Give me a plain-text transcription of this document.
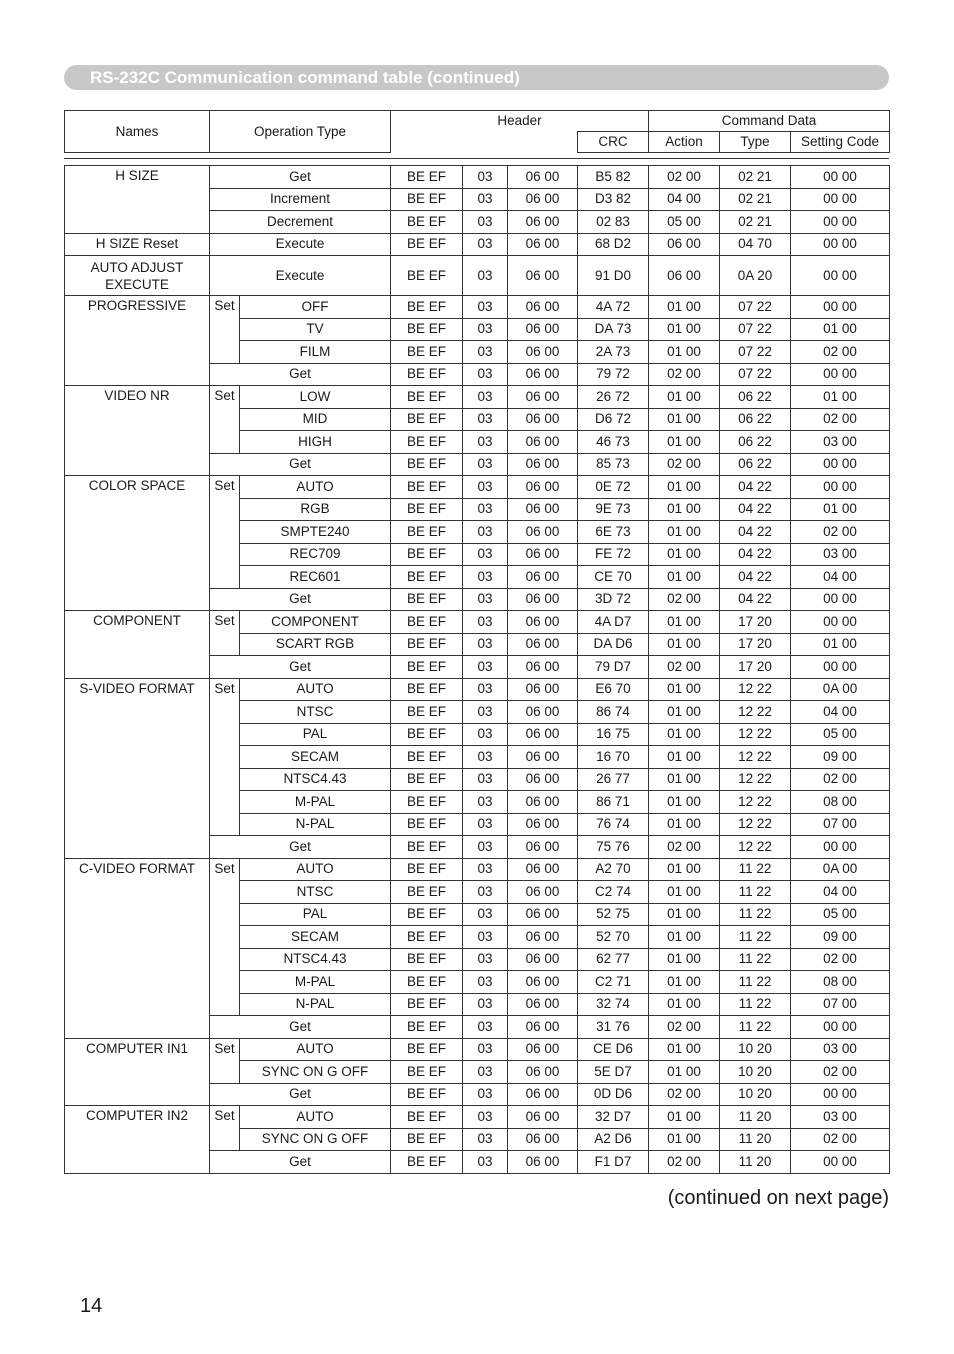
RS-232C Communication command table (continued)
Names	Operation Type	Header		Command Data		
			CRC	Action	Type	Setting Code
H SIZE	Get		BE EF	03	06 00	B5 82	02 00	02 21	00 00
	Increment		BE EF	03	06 00	D3 82	04 00	02 21	00 00
	Decrement		BE EF	03	06 00	02 83	05 00	02 21	00 00
H SIZE Reset	Execute		BE EF	03	06 00	68 D2	06 00	04 70	00 00
AUTO ADJUST EXECUTE	Execute		BE EF	03	06 00	91 D0	06 00	0A 20	00 00
PROGRESSIVE	Set	OFF	BE EF	03	06 00	4A 72	01 00	07 22	00 00
		TV	BE EF	03	06 00	DA 73	01 00	07 22	01 00
		FILM	BE EF	03	06 00	2A 73	01 00	07 22	02 00
	Get		BE EF	03	06 00	79 72	02 00	07 22	00 00
VIDEO NR	Set	LOW	BE EF	03	06 00	26 72	01 00	06 22	01 00
		MID	BE EF	03	06 00	D6 72	01 00	06 22	02 00
		HIGH	BE EF	03	06 00	46 73	01 00	06 22	03 00
	Get		BE EF	03	06 00	85 73	02 00	06 22	00 00
COLOR SPACE	Set	AUTO	BE EF	03	06 00	0E 72	01 00	04 22	00 00
		RGB	BE EF	03	06 00	9E 73	01 00	04 22	01 00
		SMPTE240	BE EF	03	06 00	6E 73	01 00	04 22	02 00
		REC709	BE EF	03	06 00	FE 72	01 00	04 22	03 00
		REC601	BE EF	03	06 00	CE 70	01 00	04 22	04 00
	Get		BE EF	03	06 00	3D 72	02 00	04 22	00 00
COMPONENT	Set	COMPONENT	BE EF	03	06 00	4A D7	01 00	17 20	00 00
		SCART RGB	BE EF	03	06 00	DA D6	01 00	17 20	01 00
	Get		BE EF	03	06 00	79 D7	02 00	17 20	00 00
S-VIDEO FORMAT	Set	AUTO	BE EF	03	06 00	E6 70	01 00	12 22	0A 00
		NTSC	BE EF	03	06 00	86 74	01 00	12 22	04 00
		PAL	BE EF	03	06 00	16 75	01 00	12 22	05 00
		SECAM	BE EF	03	06 00	16 70	01 00	12 22	09 00
		NTSC4.43	BE EF	03	06 00	26 77	01 00	12 22	02 00
		M-PAL	BE EF	03	06 00	86 71	01 00	12 22	08 00
		N-PAL	BE EF	03	06 00	76 74	01 00	12 22	07 00
	Get		BE EF	03	06 00	75 76	02 00	12 22	00 00
C-VIDEO FORMAT	Set	AUTO	BE EF	03	06 00	A2 70	01 00	11 22	0A 00
		NTSC	BE EF	03	06 00	C2 74	01 00	11 22	04 00
		PAL	BE EF	03	06 00	52 75	01 00	11 22	05 00
		SECAM	BE EF	03	06 00	52 70	01 00	11 22	09 00
		NTSC4.43	BE EF	03	06 00	62 77	01 00	11 22	02 00
		M-PAL	BE EF	03	06 00	C2 71	01 00	11 22	08 00
		N-PAL	BE EF	03	06 00	32 74	01 00	11 22	07 00
	Get		BE EF	03	06 00	31 76	02 00	11 22	00 00
COMPUTER IN1	Set	AUTO	BE EF	03	06 00	CE D6	01 00	10 20	03 00
		SYNC ON G OFF	BE EF	03	06 00	5E D7	01 00	10 20	02 00
	Get		BE EF	03	06 00	0D D6	02 00	10 20	00 00
COMPUTER IN2	Set	AUTO	BE EF	03	06 00	32 D7	01 00	11 20	03 00
		SYNC ON G OFF	BE EF	03	06 00	A2 D6	01 00	11 20	02 00
	Get		BE EF	03	06 00	F1 D7	02 00	11 20	00 00
(continued on next page)
14
